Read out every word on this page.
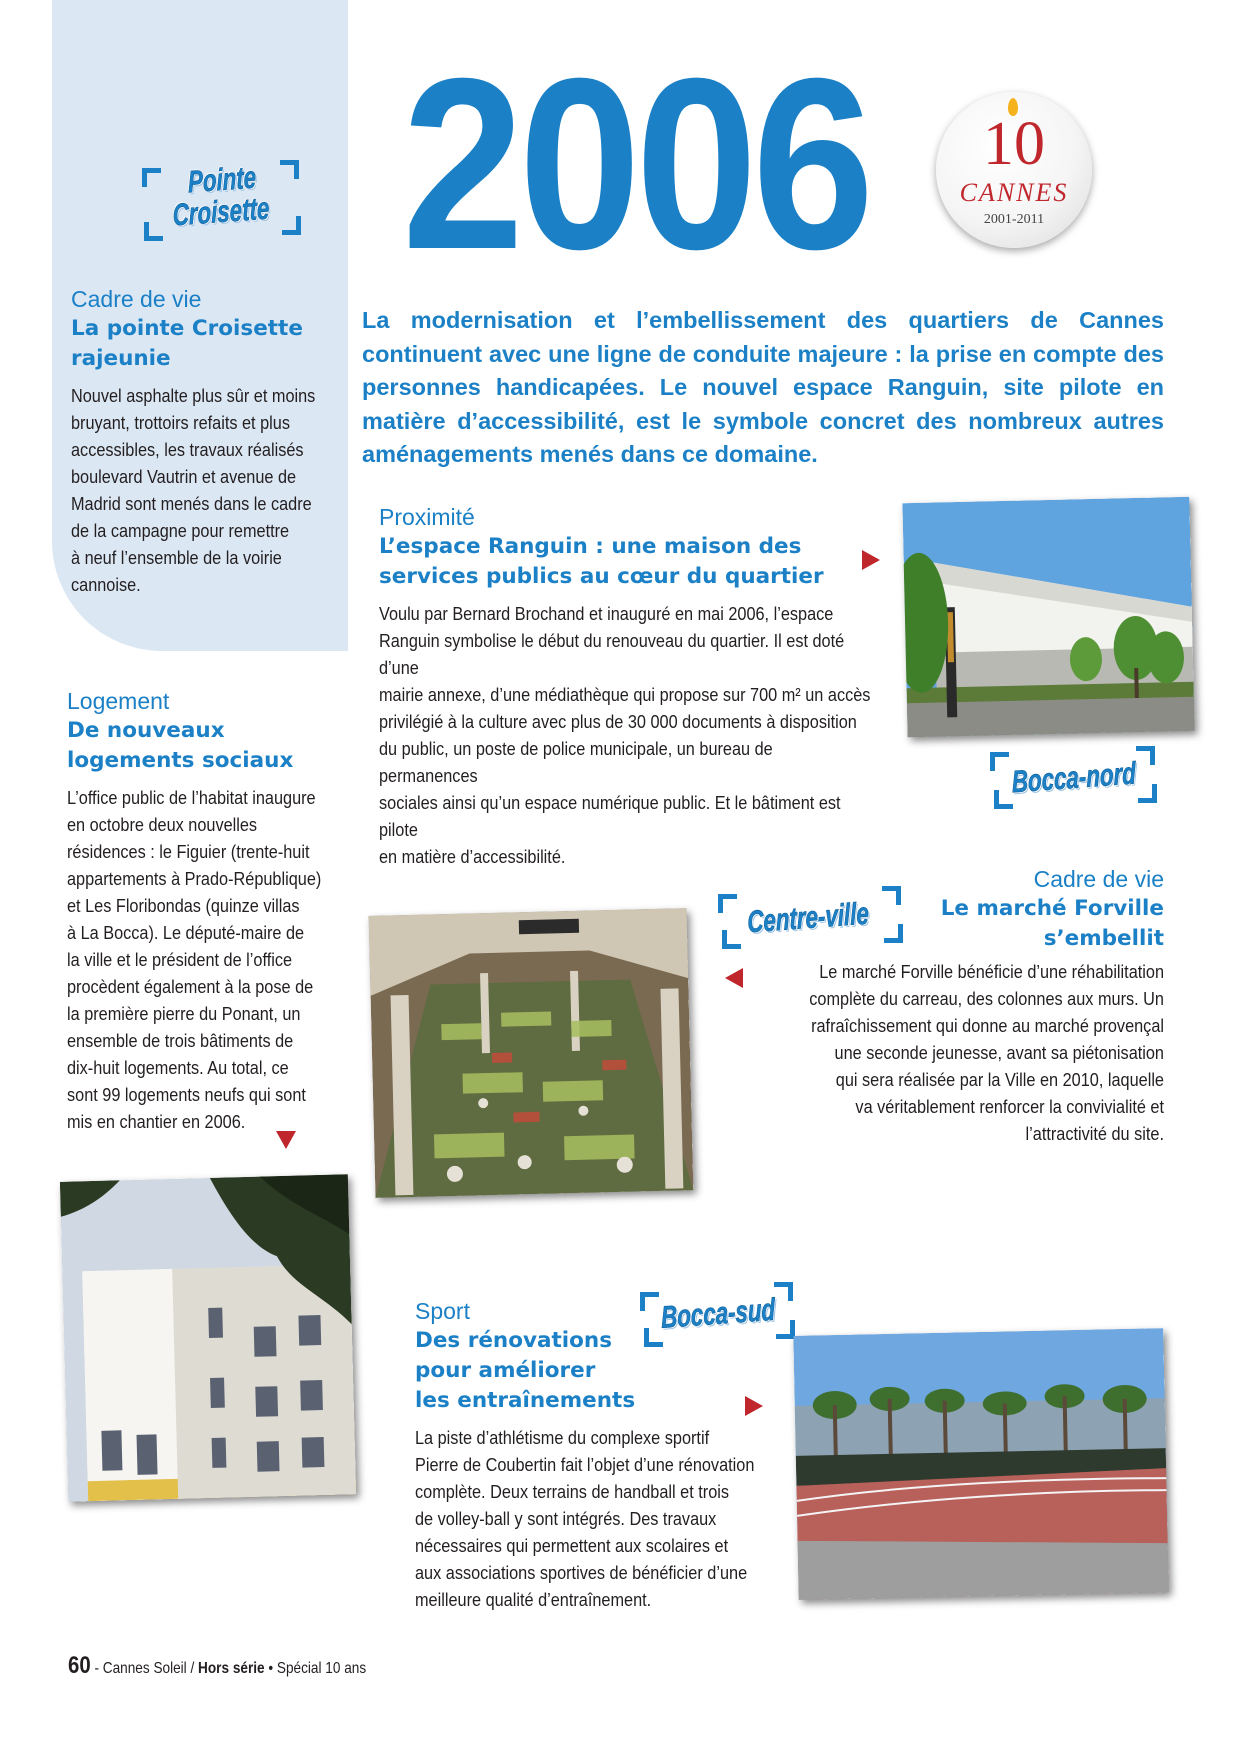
Pointe
Croisette 2006	10
CANNES
2001-2011
La modernisation et l’embellissement des quartiers de Cannes continuent avec une ligne de conduite majeure : la prise en compte des personnes handicapées. Le nouvel espace Ranguin, site pilote en matière d’accessibilité, est le symbole concret des nombreux autres aménagements menés dans ce domaine.
Cadre de vie
La pointe Croisette
rajeunie
Nouvel asphalte plus sûr et moins
bruyant, trottoirs refaits et plus
accessibles, les travaux réalisés
boulevard Vautrin et avenue de
Madrid sont menés dans le cadre
de la campagne pour remettre
à neuf l’ensemble de la voirie
cannoise.
Logement
De nouveaux
logements sociaux
L’office public de l’habitat inaugure
en octobre deux nouvelles
résidences : le Figuier (trente-huit
appartements à Prado-République)
et Les Floribondas (quinze villas
à La Bocca). Le député-maire de
la ville et le président de l’office
procèdent également à la pose de
la première pierre du Ponant, un
ensemble de trois bâtiments de
dix-huit logements. Au total, ce
sont 99 logements neufs qui sont
mis en chantier en 2006.
Proximité
L’espace Ranguin : une maison des
services publics au cœur du quartier
Voulu par Bernard Brochand et inauguré en mai 2006, l’espace
Ranguin symbolise le début du renouveau du quartier. Il est doté d’une
mairie annexe, d’une médiathèque qui propose sur 700 m² un accès
privilégié à la culture avec plus de 30 000 documents à disposition
du public, un poste de police municipale, un bureau de permanences
sociales ainsi qu’un espace numérique public. Et le bâtiment est pilote
en matière d’accessibilité.
Bocca-nord
Centre-ville
Cadre de vie
Le marché Forville
s’embellit
Le marché Forville bénéficie d’une réhabilitation
complète du carreau, des colonnes aux murs. Un
rafraîchissement qui donne au marché provençal
une seconde jeunesse, avant sa piétonisation
qui sera réalisée par la Ville en 2010, laquelle
va véritablement renforcer la convivialité et
l’attractivité du site.
Bocca-sud
Sport
Des rénovations
pour améliorer
les entraînements
La piste d’athlétisme du complexe sportif
Pierre de Coubertin fait l’objet d’une rénovation
complète. Deux terrains de handball et trois
de volley-ball y sont intégrés. Des travaux
nécessaires qui permettent aux scolaires et
aux associations sportives de bénéficier d’une
meilleure qualité d’entraînement.
60 - Cannes Soleil / Hors série • Spécial 10 ans
